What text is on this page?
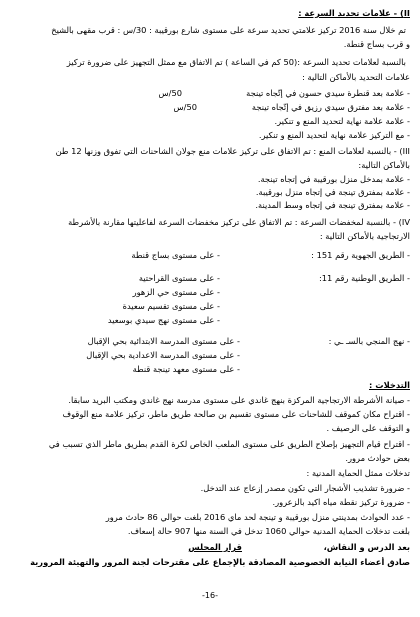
II) - علامات تحديد السرعة :
تم خلال سنة 2016 تركيز علامتي تحديد سرعة على مستوى شارع بورقيبة : 30/س : قرب مقهى بالشيخ
و قرب بساج قنطة.
بالنسبة لعلامات تحديد السرعة :(50 كم في الساعة ) تم الاتفاق مع ممثل التجهيز على ضرورة تركيز
علامات التحديد بالأماكن التالية :
- علامة بعد قنطرة سيدي حسون في إتّجاه تينجة
50/س
- علامة بعد مفترق سيدي رزيق في إتّجاه تينجة
50/س
- علامة علامة نهاية لتحديد المنع و تنكير.
- مع التركيز علامة نهاية لتحديد المنع و تنكير.
III) - بالنسبة لعلامات المنع : تم الاتفاق على تركيز علامات منع جولان الشاحنات التي تفوق وزنها 12 طن
بالأماكن التالية:
- علامة بمدخل منزل بورقيبة في إتجاه تينجة.
- علامة بمفترق تينجة في إتجاه منزل بورقيبة.
- علامة بمفترق تينجة في إتجاه وسط المدينة.
IV) - بالنسبة لمخفضات السرعة : تم الاتفاق على تركيز مخفضات السرعة لفاعليتها مقارنة بالأشرطة
الارتجاجية بالأماكن التالية :
- الطريق الجهوية رقم 151 :
- على مستوى بساج قنطة
- الطريق الوطنية رقم 11:
- على مستوى القراحتية
- على مستوى حي الزهور
- على مستوى تقسيم سعيدة
- على مستوى نهج سيدي بوسعيد
- نهج المنجي بالسـ ـي :
- على مستوى المدرسة الابتدائية بحي الإقبال
- على مستوى المدرسة الاعدادية بحي الإقبال
- على مستوى معهد تينجة قنطة
التدخلات :
- صيانة الأشرطة الارتجاجية المركزة بنهج غاندي على مستوى مدرسة نهج غاندي ومكتب البريد سابقا.
- اقتراح مكان كموقف للشاحنات على مستوى تقسيم بن صالحة طريق ماطر، تركيز علامة منع الوقوف
و التوقف على الرصيف .
- اقتراح قيام التجهيز بإصلاح الطريق على مستوى الملعب الخاص لكرة القدم بطريق ماطر الذي تسبب في
بعض حوادث مرور.
تدخلات ممثل الحماية المدنية :
- ضرورة تشذيب الأشجار التي تكون مصدر إزعاج عند التدخل.
- ضرورة تركيز نقطة مياه اكيد بالزعرور.
- عدد الحوادث بمدينتي منزل بورقيبة و تينجة لحد ماي 2016 بلغت حوالي 86 حادث مرور
بلغت تدخلات الحماية المدنية حوالي 1060 تدخل في السنة منها 907 حالة إسعاف.
بعد الدرس و النقاش،
قرار المجلس
صادق أعضاء النيابة الخصوصية المصادقة بالإجماع على مقترحات لجنة المرور والتهيئة المرورية
-16-
